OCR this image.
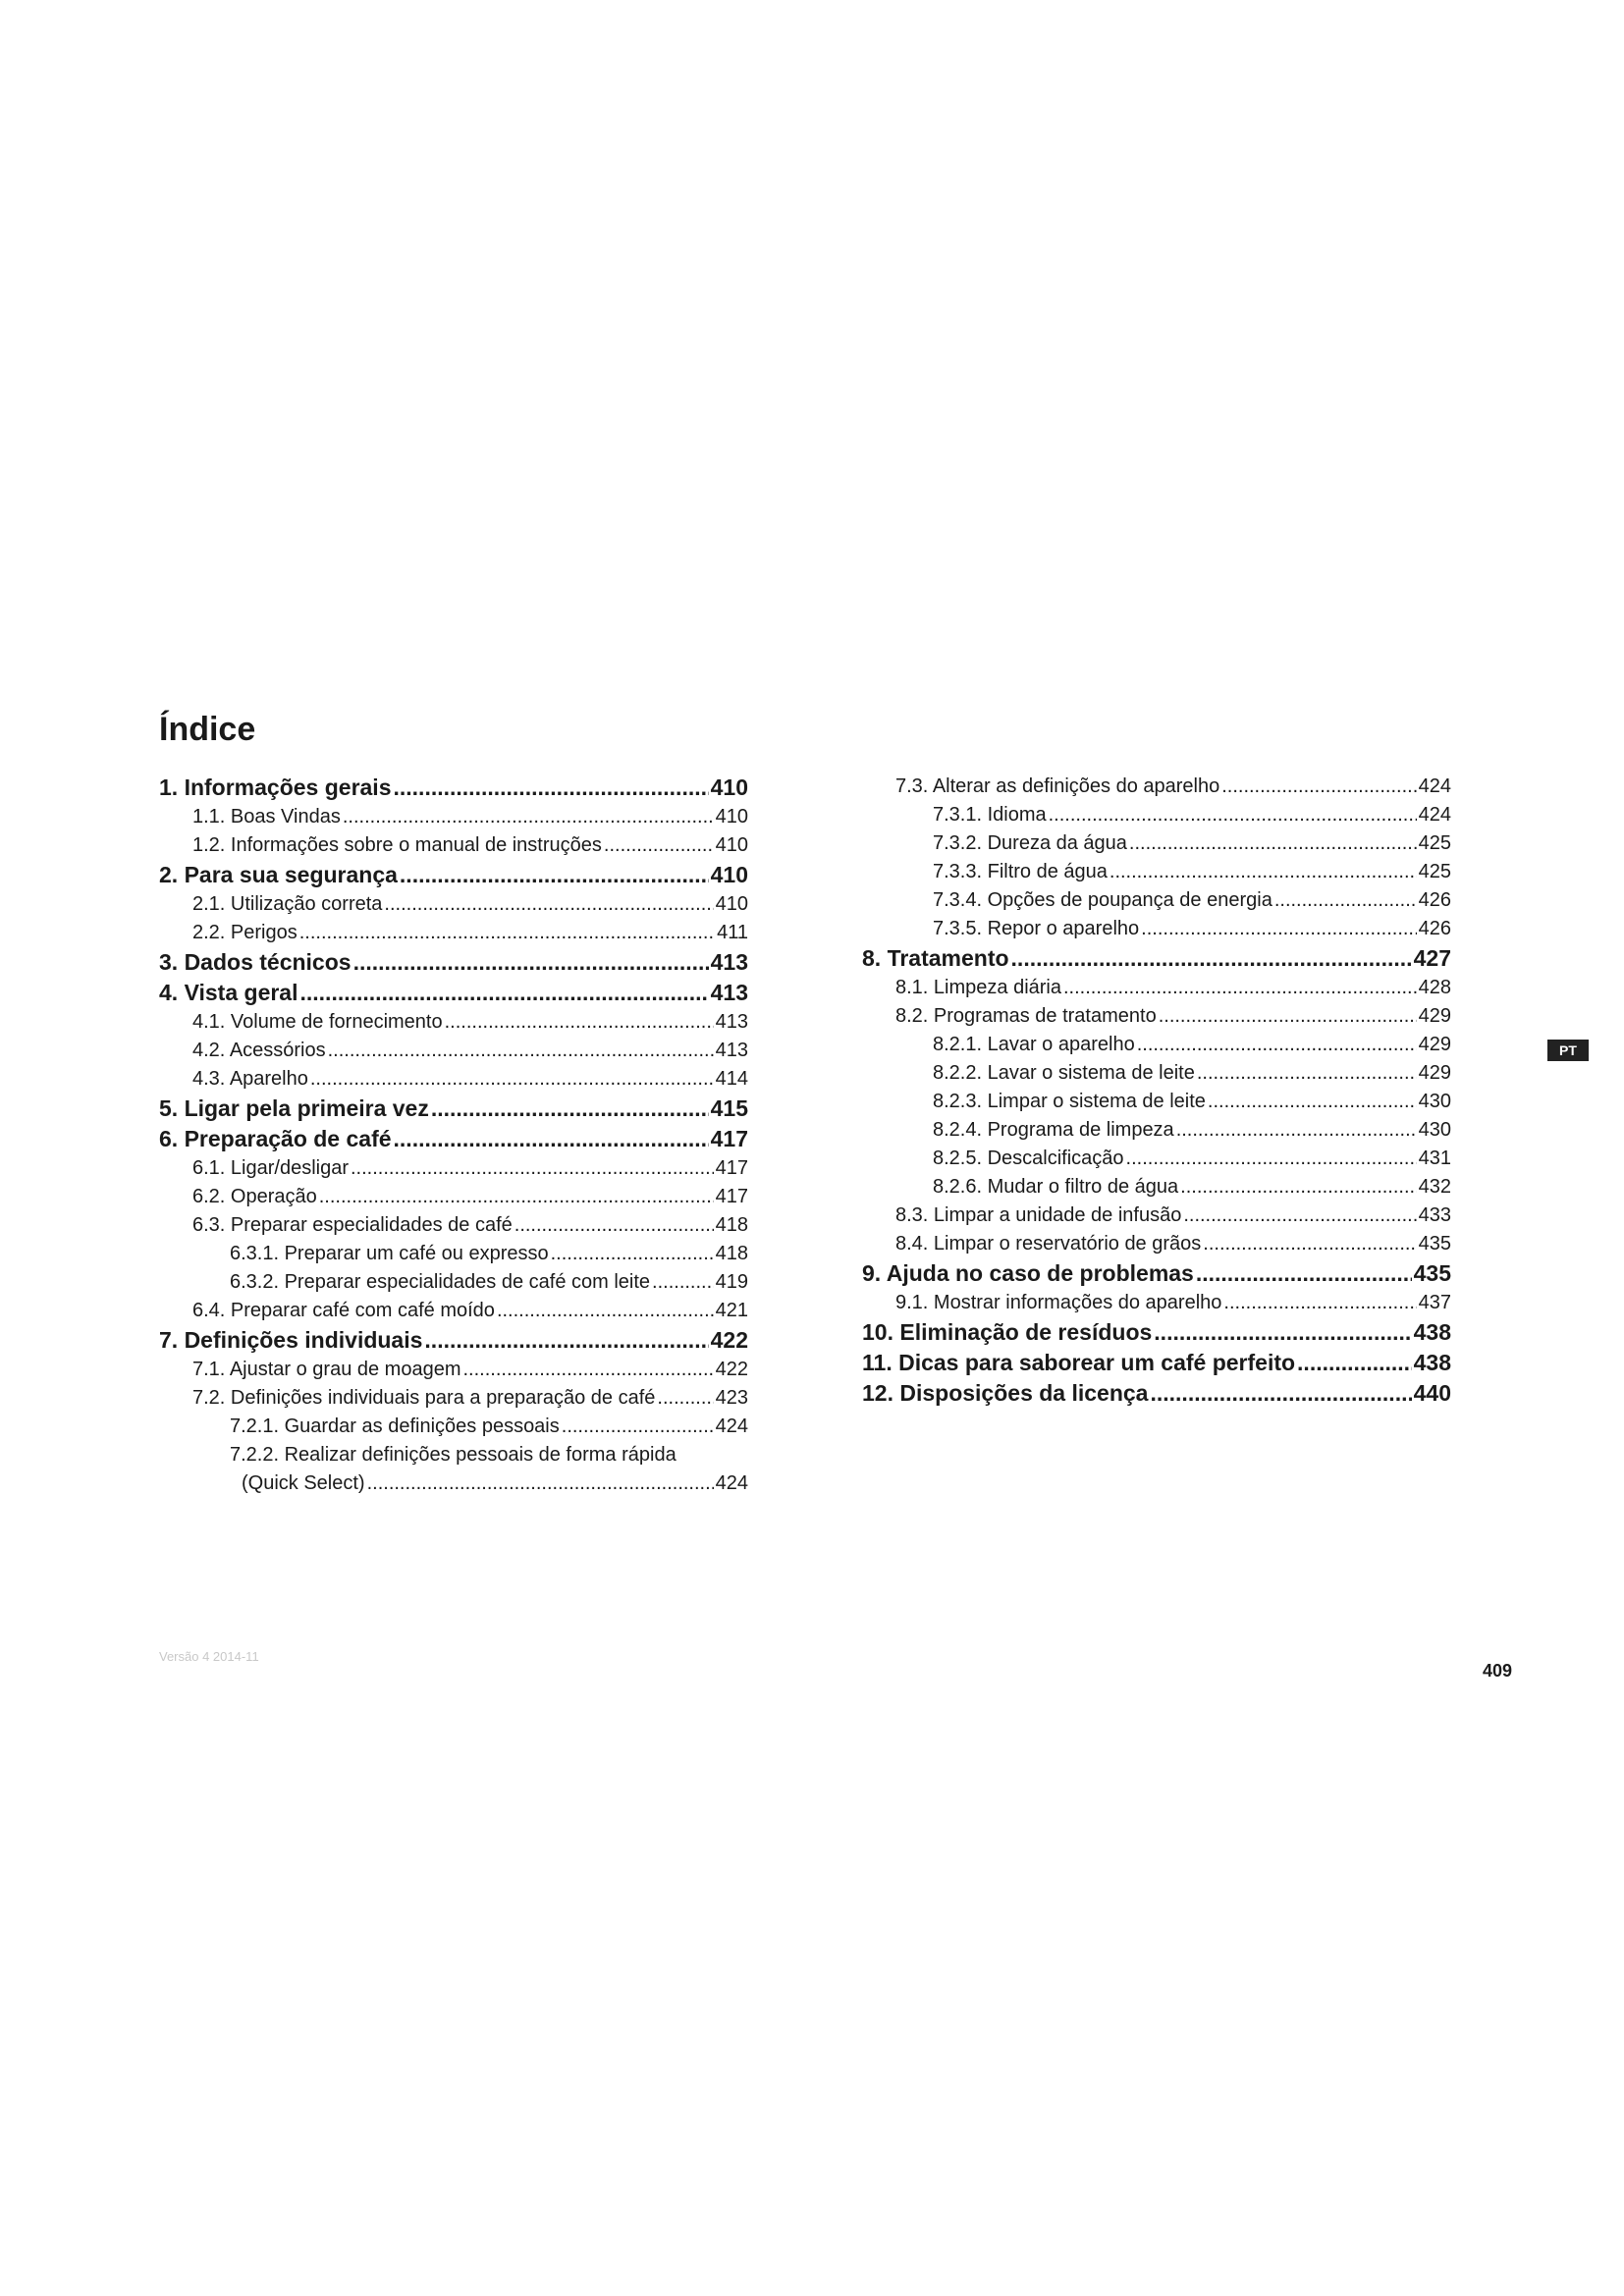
Índice
1. Informações gerais .....	410
1.1. Boas Vindas .....	410
1.2. Informações sobre o manual de instruções .....	410
2. Para sua segurança .....	410
2.1. Utilização correta .....	410
2.2. Perigos .....	411
3. Dados técnicos .....	413
4. Vista geral .....	413
4.1. Volume de fornecimento .....	413
4.2. Acessórios .....	413
4.3. Aparelho .....	414
5. Ligar pela primeira vez .....	415
6. Preparação de café .....	417
6.1. Ligar/desligar .....	417
6.2. Operação .....	417
6.3. Preparar especialidades de café .....	418
6.3.1. Preparar um café ou expresso .....	418
6.3.2. Preparar especialidades de café com leite .....	419
6.4. Preparar café com café moído .....	421
7. Definições individuais .....	422
7.1. Ajustar o grau de moagem .....	422
7.2. Definições individuais para a preparação de café .....	423
7.2.1. Guardar as definições pessoais .....	424
7.2.2. Realizar definições pessoais de forma rápida
(Quick Select) .....	424
7.3. Alterar as definições do aparelho .....	424
7.3.1. Idioma .....	424
7.3.2. Dureza da água .....	425
7.3.3. Filtro de água .....	425
7.3.4. Opções de poupança de energia .....	426
7.3.5. Repor o aparelho .....	426
8. Tratamento .....	427
8.1. Limpeza diária .....	428
8.2. Programas de tratamento .....	429
8.2.1. Lavar o aparelho .....	429
8.2.2. Lavar o sistema de leite .....	429
8.2.3. Limpar o sistema de leite .....	430
8.2.4. Programa de limpeza .....	430
8.2.5. Descalcificação .....	431
8.2.6. Mudar o filtro de água .....	432
8.3. Limpar a unidade de infusão .....	433
8.4. Limpar o reservatório de grãos .....	435
9. Ajuda no caso de problemas .....	435
9.1. Mostrar informações do aparelho .....	437
10. Eliminação de resíduos .....	438
11. Dicas para saborear um café perfeito .....	438
12. Disposições da licença .....	440
PT
Versão 4 2014-11
409
